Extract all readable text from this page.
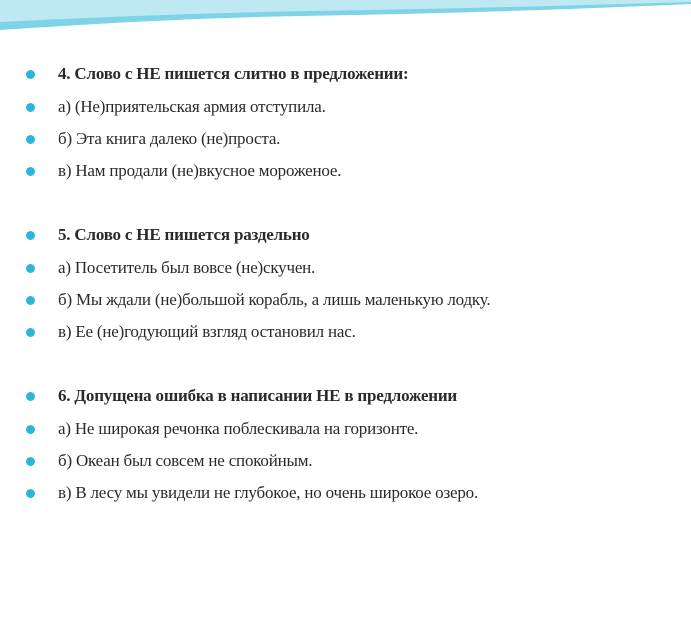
4. Слово с НЕ пишется слитно в предложении:
а) (Не)приятельская армия отступила.
б) Эта книга далеко (не)проста.
в) Нам продали (не)вкусное мороженое.
5. Слово с НЕ пишется раздельно
а) Посетитель был вовсе (не)скучен.
б) Мы ждали (не)большой корабль, а лишь маленькую лодку.
в) Ее (не)годующий взгляд остановил нас.
6. Допущена ошибка в написании НЕ в предложении
а) Не широкая речонка поблескивала на горизонте.
б) Океан был совсем не спокойным.
в) В лесу мы увидели не глубокое, но очень широкое озеро.
